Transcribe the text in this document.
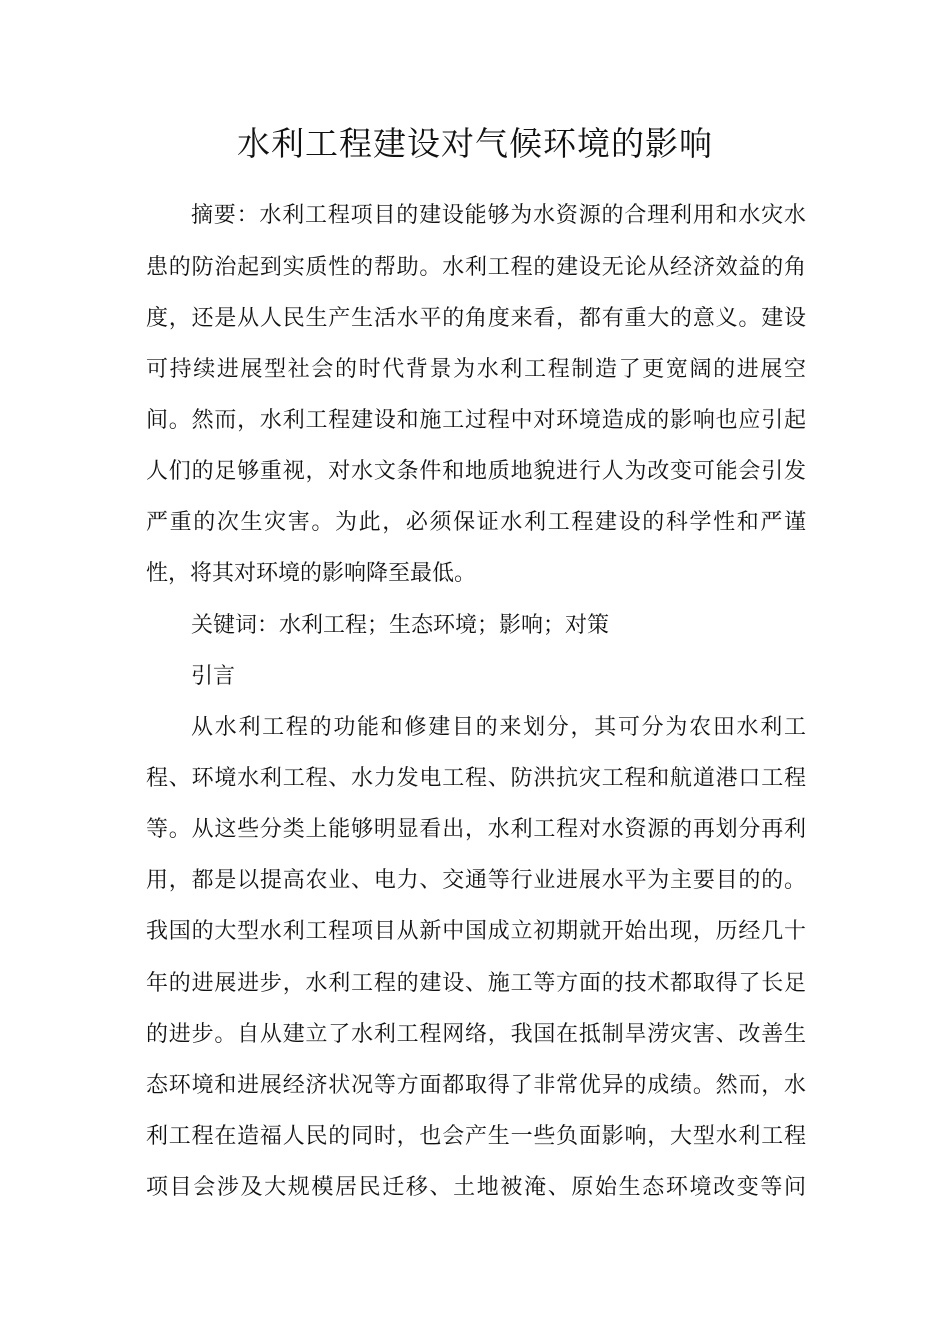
水利工程建设对气候环境的影响
摘要：水利工程项目的建设能够为水资源的合理利用和水灾水
患的防治起到实质性的帮助。水利工程的建设无论从经济效益的角
度，还是从人民生产生活水平的角度来看，都有重大的意义。建设
可持续进展型社会的时代背景为水利工程制造了更宽阔的进展空
间。然而，水利工程建设和施工过程中对环境造成的影响也应引起
人们的足够重视，对水文条件和地质地貌进行人为改变可能会引发
严重的次生灾害。为此，必须保证水利工程建设的科学性和严谨
性，将其对环境的影响降至最低。
关键词：水利工程；生态环境；影响；对策
引言
从水利工程的功能和修建目的来划分，其可分为农田水利工
程、环境水利工程、水力发电工程、防洪抗灾工程和航道港口工程
等。从这些分类上能够明显看出，水利工程对水资源的再划分再利
用，都是以提高农业、电力、交通等行业进展水平为主要目的的。
我国的大型水利工程项目从新中国成立初期就开始出现，历经几十
年的进展进步，水利工程的建设、施工等方面的技术都取得了长足
的进步。自从建立了水利工程网络，我国在抵制旱涝灾害、改善生
态环境和进展经济状况等方面都取得了非常优异的成绩。然而，水
利工程在造福人民的同时，也会产生一些负面影响，大型水利工程
项目会涉及大规模居民迁移、土地被淹、原始生态环境改变等问
